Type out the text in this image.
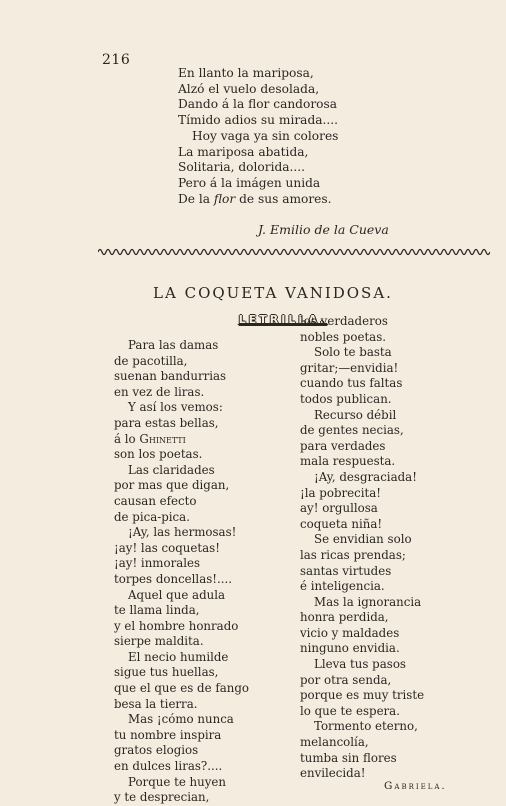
216
En llanto la mariposa,
Alzó el vuelo desolada,
Dando á la flor candorosa
Tímido adios su mirada....
Hoy vaga ya sin colores
La mariposa abatida,
Solitaria, dolorida....
Pero á la imágen unida
De la flor de sus amores.
J. Emilio de la Cueva
LA COQUETA VANIDOSA.
LETRILLA.
Para las damas
de pacotilla,
suenan bandurrias
en vez de liras.
Y así los vemos:
para estas bellas,
á lo Ghinetti
son los poetas.
Las claridades
por mas que digan,
causan efecto
de pica-pica.
¡Ay, las hermosas!
¡ay! las coquetas!
¡ay! inmorales
torpes doncellas!....
Aquel que adula
te llama linda,
y el hombre honrado
sierpe maldita.
El necio humilde
sigue tus huellas,
que el que es de fango
besa la tierra.
Mas ¡cómo nunca
tu nombre inspira
gratos elogios
en dulces liras?....
Porque te huyen
y te desprecian,
los verdaderos
nobles poetas.
Solo te basta
gritar;—envidia!
cuando tus faltas
todos publican.
Recurso débil
de gentes necias,
para verdades
mala respuesta.
¡Ay, desgraciada!
¡la pobrecita!
ay! orgullosa
coqueta niña!
Se envidian solo
las ricas prendas;
santas virtudes
é inteligencia.
Mas la ignorancia
honra perdida,
vicio y maldades
ninguno envidia.
Lleva tus pasos
por otra senda,
porque es muy triste
lo que te espera.
Tormento eterno,
melancolía,
tumba sin flores
envilecida!
Gabriela.
